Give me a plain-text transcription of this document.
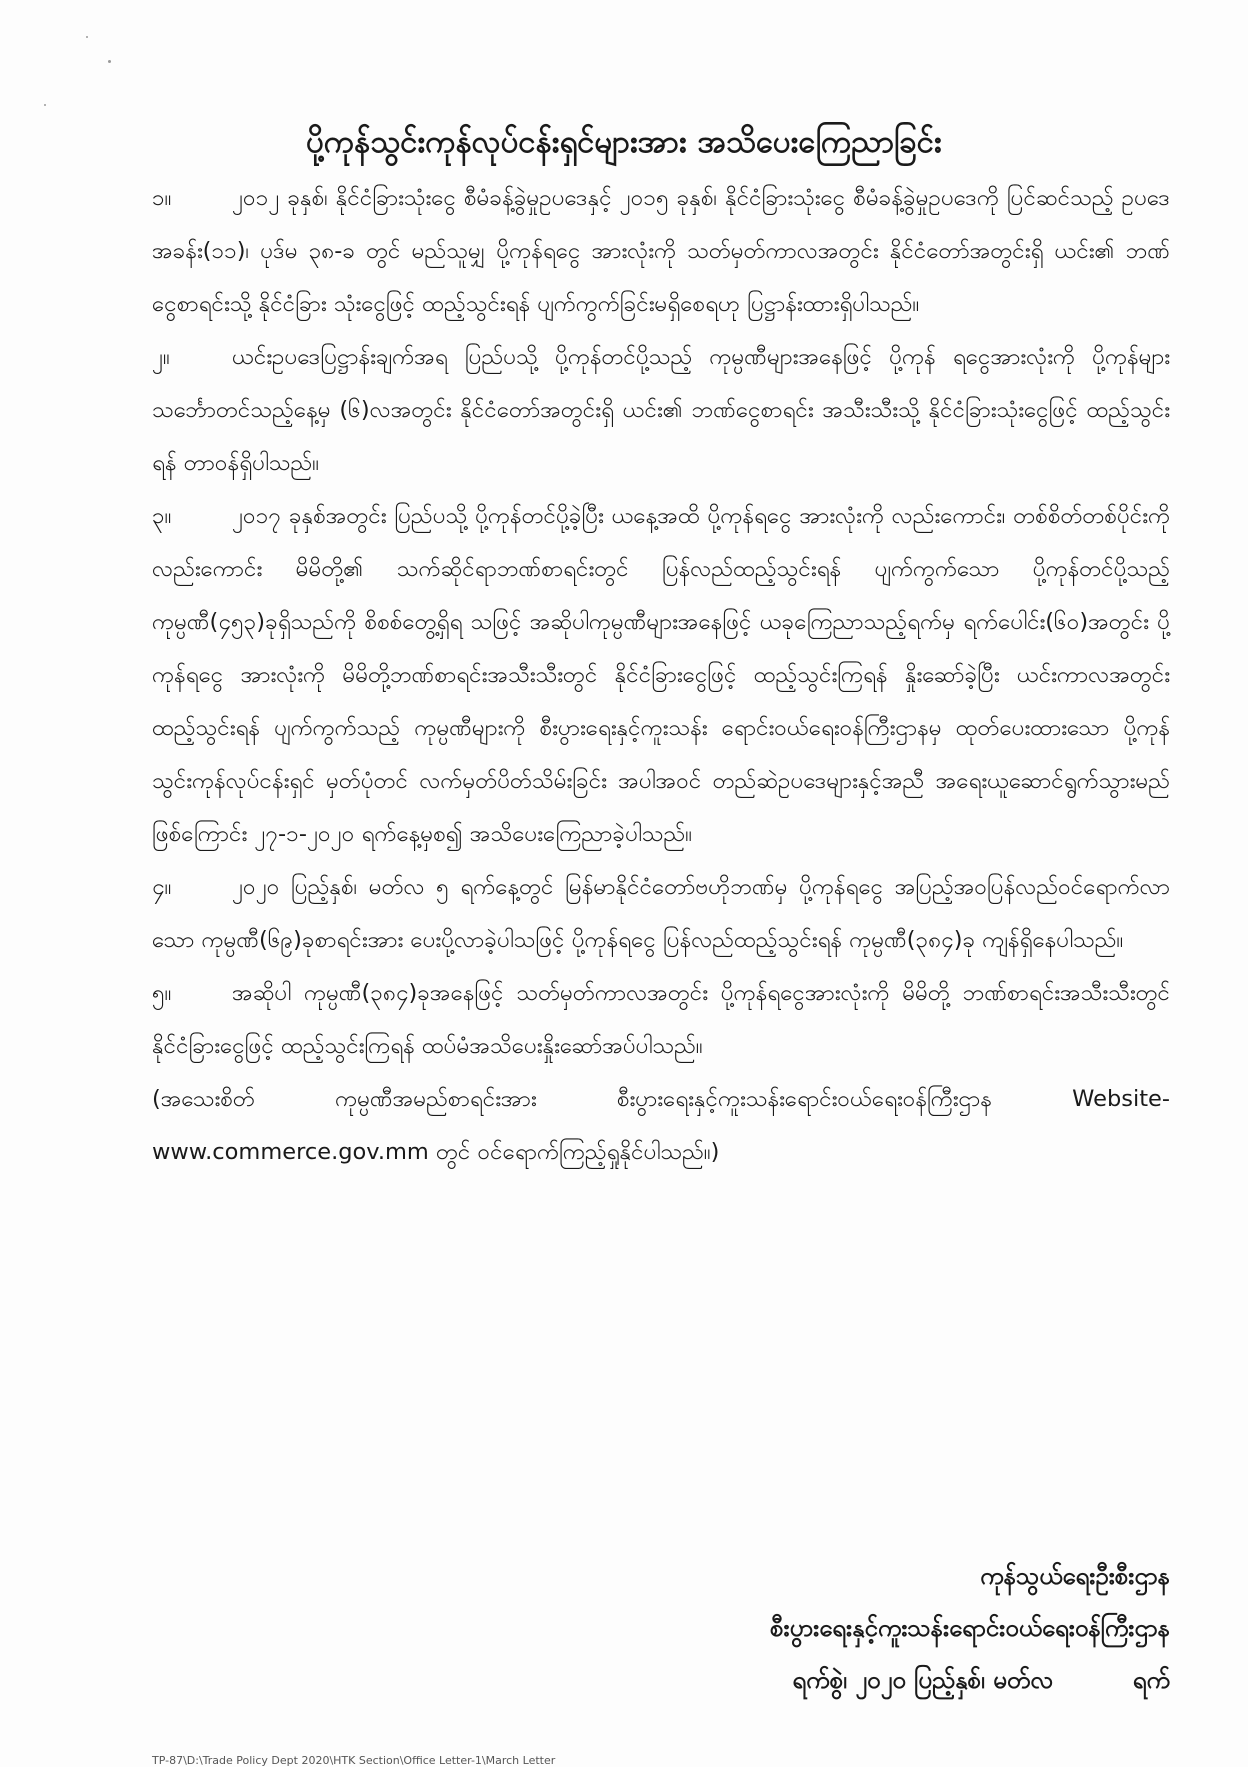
ပို့ကုန်သွင်းကုန်လုပ်ငန်းရှင်များအား အသိပေးကြေညာခြင်း

၁။	၂၀၁၂ ခုနှစ်၊ နိုင်ငံခြားသုံးငွေ စီမံခန့်ခွဲမှုဥပဒေနှင့် ၂၀၁၅ ခုနှစ်၊ နိုင်ငံခြားသုံးငွေ စီမံခန့်ခွဲမှုဥပဒေကို ပြင်ဆင်သည့် ဥပဒေ အခန်း(၁၁)၊ ပုဒ်မ ၃၈-ခ တွင် မည်သူမျှ ပို့ကုန်ရငွေ အားလုံးကို သတ်မှတ်ကာလအတွင်း နိုင်ငံတော်အတွင်းရှိ ယင်း၏ ဘဏ်ငွေစာရင်းသို့ နိုင်ငံခြား သုံးငွေဖြင့် ထည့်သွင်းရန် ပျက်ကွက်ခြင်းမရှိစေရဟု ပြဋ္ဌာန်းထားရှိပါသည်။

၂။	ယင်းဥပဒေပြဋ္ဌာန်းချက်အရ ပြည်ပသို့ ပို့ကုန်တင်ပို့သည့် ကုမ္ပဏီများအနေဖြင့် ပို့ကုန် ရငွေအားလုံးကို ပို့ကုန်များ သင်္ဘောတင်သည့်နေ့မှ (၆)လအတွင်း နိုင်ငံတော်အတွင်းရှိ ယင်း၏ ဘဏ်ငွေစာရင်း အသီးသီးသို့ နိုင်ငံခြားသုံးငွေဖြင့် ထည့်သွင်းရန် တာဝန်ရှိပါသည်။

၃။	၂၀၁၇ ခုနှစ်အတွင်း ပြည်ပသို့ ပို့ကုန်တင်ပို့ခဲ့ပြီး ယနေ့အထိ ပို့ကုန်ရငွေ အားလုံးကို လည်းကောင်း၊ တစ်စိတ်တစ်ပိုင်းကိုလည်းကောင်း မိမိတို့၏ သက်ဆိုင်ရာဘဏ်စာရင်းတွင် ပြန်လည်ထည့်သွင်းရန် ပျက်ကွက်သော ပို့ကုန်တင်ပို့သည့် ကုမ္ပဏီ(၄၅၃)ခုရှိသည်ကို စိစစ်တွေ့ရှိရ သဖြင့် အဆိုပါကုမ္ပဏီများအနေဖြင့် ယခုကြေညာသည့်ရက်မှ ရက်ပေါင်း(၆၀)အတွင်း ပို့ကုန်ရငွေ အားလုံးကို မိမိတို့ဘဏ်စာရင်းအသီးသီးတွင် နိုင်ငံခြားငွေဖြင့် ထည့်သွင်းကြရန် နှိုးဆော်ခဲ့ပြီး ယင်းကာလအတွင်း ထည့်သွင်းရန် ပျက်ကွက်သည့် ကုမ္ပဏီများကို စီးပွားရေးနှင့်ကူးသန်း ရောင်းဝယ်ရေးဝန်ကြီးဌာနမှ ထုတ်ပေးထားသော ပို့ကုန်သွင်းကုန်လုပ်ငန်းရှင် မှတ်ပုံတင် လက်မှတ်ပိတ်သိမ်းခြင်း အပါအဝင် တည်ဆဲဥပဒေများနှင့်အညီ အရေးယူဆောင်ရွက်သွားမည် ဖြစ်ကြောင်း ၂၇-၁-၂၀၂၀ ရက်နေ့မှစ၍ အသိပေးကြေညာခဲ့ပါသည်။

၄။	၂၀၂၀ ပြည့်နှစ်၊ မတ်လ ၅ ရက်နေ့တွင် မြန်မာနိုင်ငံတော်ဗဟိုဘဏ်မှ ပို့ကုန်ရငွေ အပြည့်အဝပြန်လည်ဝင်ရောက်လာသော ကုမ္ပဏီ(၆၉)ခုစာရင်းအား ပေးပို့လာခဲ့ပါသဖြင့် ပို့ကုန်ရငွေ ပြန်လည်ထည့်သွင်းရန် ကုမ္ပဏီ(၃၈၄)ခု ကျန်ရှိနေပါသည်။

၅။	အဆိုပါ ကုမ္ပဏီ(၃၈၄)ခုအနေဖြင့် သတ်မှတ်ကာလအတွင်း ပို့ကုန်ရငွေအားလုံးကို မိမိတို့ ဘဏ်စာရင်းအသီးသီးတွင် နိုင်ငံခြားငွေဖြင့် ထည့်သွင်းကြရန် ထပ်မံအသိပေးနှိုးဆော်အပ်ပါသည်။

(အသေးစိတ် ကုမ္ပဏီအမည်စာရင်းအား စီးပွားရေးနှင့်ကူးသန်းရောင်းဝယ်ရေးဝန်ကြီးဌာန Website- www.commerce.gov.mm တွင် ဝင်ရောက်ကြည့်ရှုနိုင်ပါသည်။)

ကုန်သွယ်ရေးဦးစီးဌာန
စီးပွားရေးနှင့်ကူးသန်းရောင်းဝယ်ရေးဝန်ကြီးဌာန
ရက်စွဲ၊ ၂၀၂၀ ပြည့်နှစ်၊ မတ်လ	ရက်
TP-87\D:\Trade Policy Dept 2020\HTK Section\Office Letter-1\March Letter
